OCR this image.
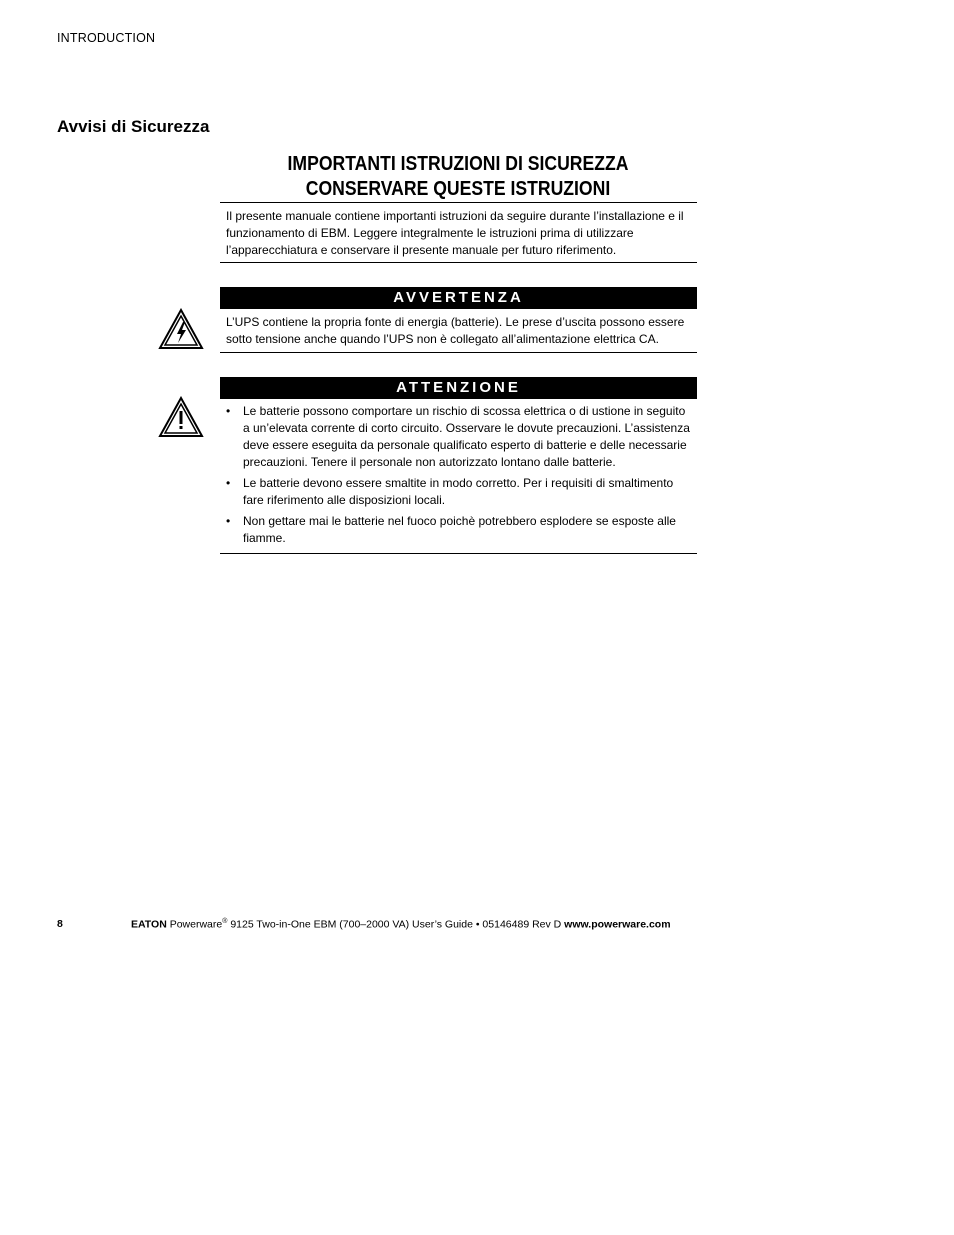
INTRODUCTION
Avvisi di Sicurezza
IMPORTANTI ISTRUZIONI DI SICUREZZA
CONSERVARE QUESTE ISTRUZIONI
Il presente manuale contiene importanti istruzioni da seguire durante l’installazione e il funzionamento di EBM. Leggere integralmente le istruzioni prima di utilizzare l’apparecchiatura e conservare il presente manuale per futuro riferimento.
AVVERTENZA
L’UPS contiene la propria fonte di energia (batterie). Le prese d’uscita possono essere sotto tensione anche quando l’UPS non è collegato all’alimentazione elettrica CA.
ATTENZIONE
• Le batterie possono comportare un rischio di scossa elettrica o di ustione in seguito a un’elevata corrente di corto circuito. Osservare le dovute precauzioni. L’assistenza deve essere eseguita da personale qualificato esperto di batterie e delle necessarie precauzioni. Tenere il personale non autorizzato lontano dalle batterie.
• Le batterie devono essere smaltite in modo corretto. Per i requisiti di smaltimento fare riferimento alle disposizioni locali.
• Non gettare mai le batterie nel fuoco poichè potrebbero esplodere se esposte alle fiamme.
8	EATON Powerware® 9125 Two-in-One EBM (700–2000 VA) User’s Guide • 05146489 Rev D www.powerware.com
